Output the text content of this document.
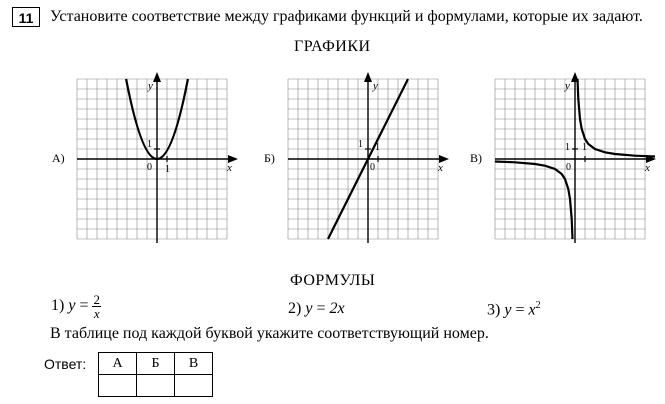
11	Установите соответствие между графиками функций и формулами, которые их задают.
ГРАФИКИ
А)	Б)	В)
y
x
0 1
1
y
x
0
1
1
y
x
0
1
1
ФОРМУЛЫ
1) $y = \frac{2}{x}$	2) y = 2x	3) $y = x^2$
В таблице под каждой буквой укажите соответствующий номер.
Ответ: А	Б	В
